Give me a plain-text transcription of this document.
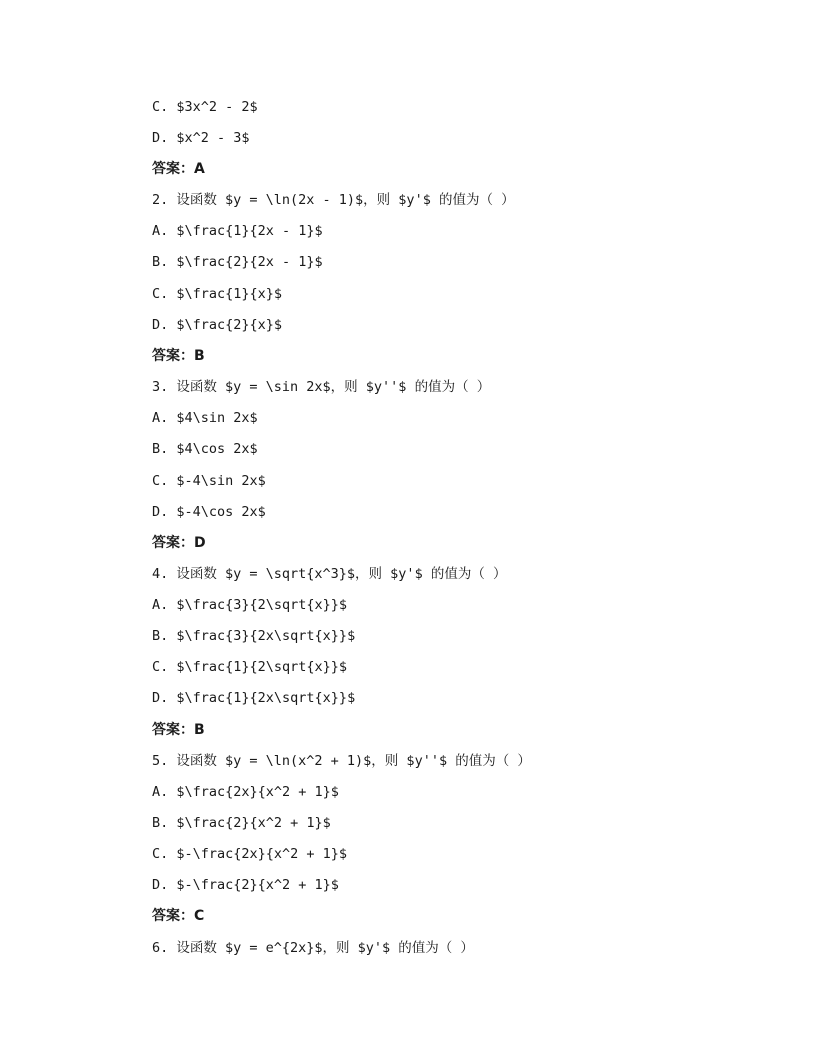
C. $3x^2 - 2$
D. $x^2 - 3$
答案：A
2. 设函数 $y = \ln(2x - 1)$，则 $y'$ 的值为（ ）
A. $\frac{1}{2x - 1}$
B. $\frac{2}{2x - 1}$
C. $\frac{1}{x}$
D. $\frac{2}{x}$
答案：B
3. 设函数 $y = \sin 2x$，则 $y''$ 的值为（ ）
A. $4\sin 2x$
B. $4\cos 2x$
C. $-4\sin 2x$
D. $-4\cos 2x$
答案：D
4. 设函数 $y = \sqrt{x^3}$，则 $y'$ 的值为（ ）
A. $\frac{3}{2\sqrt{x}}$
B. $\frac{3}{2x\sqrt{x}}$
C. $\frac{1}{2\sqrt{x}}$
D. $\frac{1}{2x\sqrt{x}}$
答案：B
5. 设函数 $y = \ln(x^2 + 1)$，则 $y''$ 的值为（ ）
A. $\frac{2x}{x^2 + 1}$
B. $\frac{2}{x^2 + 1}$
C. $-\frac{2x}{x^2 + 1}$
D. $-\frac{2}{x^2 + 1}$
答案：C
6. 设函数 $y = e^{2x}$，则 $y'$ 的值为（ ）
